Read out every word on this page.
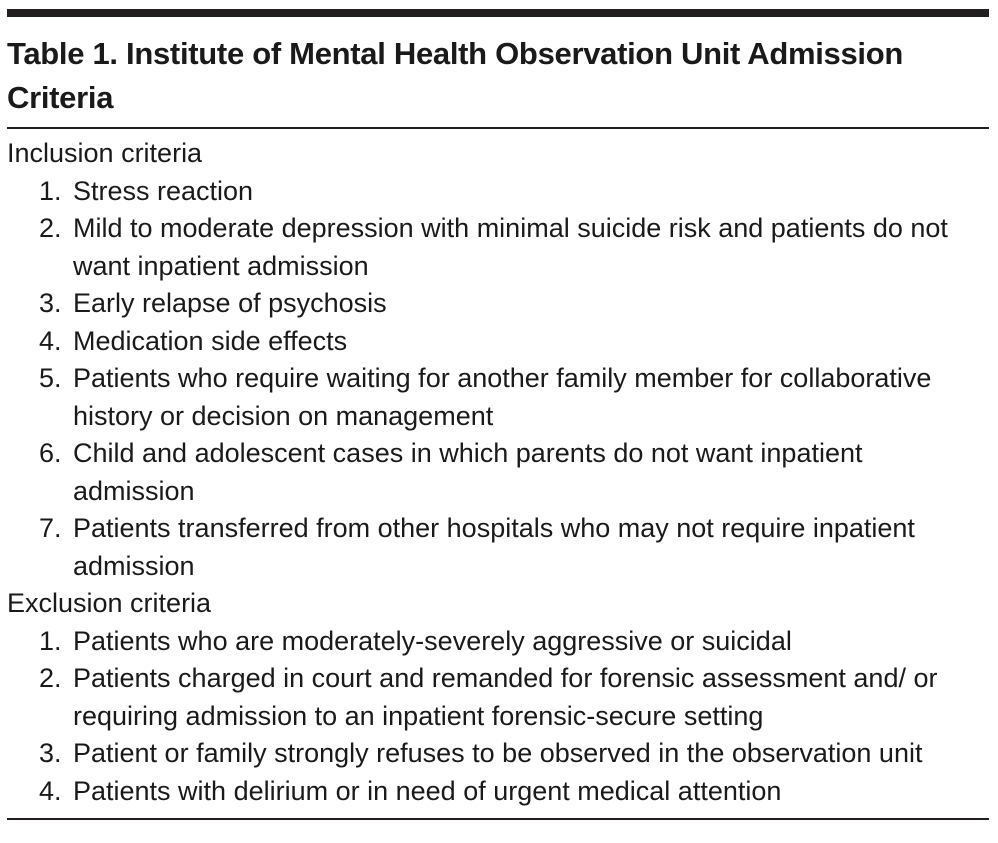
Table 1. Institute of Mental Health Observation Unit Admission Criteria
Inclusion criteria
1. Stress reaction
2. Mild to moderate depression with minimal suicide risk and patients do not want inpatient admission
3. Early relapse of psychosis
4. Medication side effects
5. Patients who require waiting for another family member for collaborative history or decision on management
6. Child and adolescent cases in which parents do not want inpatient admission
7. Patients transferred from other hospitals who may not require inpatient admission
Exclusion criteria
1. Patients who are moderately-severely aggressive or suicidal
2. Patients charged in court and remanded for forensic assessment and/ or requiring admission to an inpatient forensic-secure setting
3. Patient or family strongly refuses to be observed in the observation unit
4. Patients with delirium or in need of urgent medical attention
